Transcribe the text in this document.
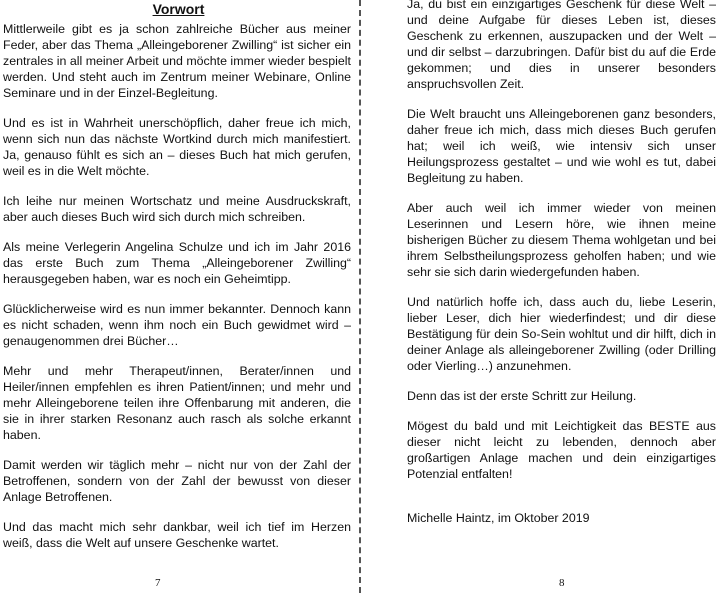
Vorwort

Mittlerweile gibt es ja schon zahlreiche Bücher aus meiner Feder, aber das Thema „Alleingeborener Zwilling“ ist sicher ein zentrales in all meiner Arbeit und möchte immer wieder bespielt werden. Und steht auch im Zentrum meiner Webinare, Online Seminare und in der Einzel-Begleitung.

Und es ist in Wahrheit unerschöpflich, daher freue ich mich, wenn sich nun das nächste Wortkind durch mich manifestiert. Ja, genauso fühlt es sich an – dieses Buch hat mich gerufen, weil es in die Welt möchte.

Ich leihe nur meinen Wortschatz und meine Ausdruckskraft, aber auch dieses Buch wird sich durch mich schreiben.

Als meine Verlegerin Angelina Schulze und ich im Jahr 2016 das erste Buch zum Thema „Alleingeborener Zwilling“ herausgegeben haben, war es noch ein Geheimtipp.

Glücklicherweise wird es nun immer bekannter. Dennoch kann es nicht schaden, wenn ihm noch ein Buch gewidmet wird – genaugenommen drei Bücher…

Mehr und mehr Therapeut/innen, Berater/innen und Heiler/innen empfehlen es ihren Patient/innen; und mehr und mehr Alleingeborene teilen ihre Offenbarung mit anderen, die sie in ihrer starken Resonanz auch rasch als solche erkannt haben.

Damit werden wir täglich mehr – nicht nur von der Zahl der Betroffenen, sondern von der Zahl der bewusst von dieser Anlage Betroffenen.

Und das macht mich sehr dankbar, weil ich tief im Herzen weiß, dass die Welt auf unsere Geschenke wartet.

7

Ja, du bist ein einzigartiges Geschenk für diese Welt – und deine Aufgabe für dieses Leben ist, dieses Geschenk zu erkennen, auszupacken und der Welt – und dir selbst – darzubringen. Dafür bist du auf die Erde gekommen; und dies in unserer besonders anspruchsvollen Zeit.

Die Welt braucht uns Alleingeborenen ganz besonders, daher freue ich mich, dass mich dieses Buch gerufen hat; weil ich weiß, wie intensiv sich unser Heilungsprozess gestaltet – und wie wohl es tut, dabei Begleitung zu haben.

Aber auch weil ich immer wieder von meinen Leserinnen und Lesern höre, wie ihnen meine bisherigen Bücher zu diesem Thema wohlgetan und bei ihrem Selbstheilungsprozess geholfen haben; und wie sehr sie sich darin wiedergefunden haben.

Und natürlich hoffe ich, dass auch du, liebe Leserin, lieber Leser, dich hier wiederfindest; und dir diese Bestätigung für dein So-Sein wohltut und dir hilft, dich in deiner Anlage als alleingeborener Zwilling (oder Drilling oder Vierling…) anzunehmen.

Denn das ist der erste Schritt zur Heilung.

Mögest du bald und mit Leichtigkeit das BESTE aus dieser nicht leicht zu lebenden, dennoch aber großartigen Anlage machen und dein einzigartiges Potenzial entfalten!

Michelle Haintz, im Oktober 2019

8
